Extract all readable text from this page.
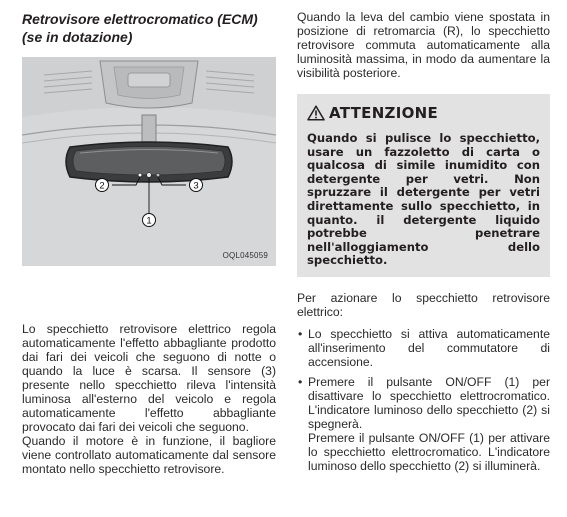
Retrovisore elettrocromatico (ECM)
(se in dotazione)
2
1
3
OQL045059

Lo specchietto retrovisore elettrico regola automaticamente l'effetto abbagliante prodotto dai fari dei veicoli che seguono di notte o quando la luce è scarsa. Il sensore (3) presente nello specchietto rileva l'intensità luminosa all'esterno del veicolo e regola automaticamente l'effetto abbagliante provocato dai fari dei veicoli che seguono.

Quando il motore è in funzione, il bagliore viene controllato automaticamente dal sensore montato nello specchietto retrovisore.

Quando la leva del cambio viene spostata in posizione di retromarcia (R), lo specchietto retrovisore commuta automaticamente alla luminosità massima, in modo da aumentare la visibilità posteriore.

ATTENZIONE

Quando si pulisce lo specchietto, usare un fazzoletto di carta o qualcosa di simile inumidito con detergente per vetri. Non spruzzare il detergente per vetri direttamente sullo specchietto, in quanto. il detergente liquido potrebbe penetrare nell'alloggiamento dello specchietto.

Per azionare lo specchietto retrovisore elettrico:

• Lo specchietto si attiva automaticamente all'inserimento del commutatore di accensione.

• Premere il pulsante ON/OFF (1) per disattivare lo specchietto elettrocromatico. L'indicatore luminoso dello specchietto (2) si spegnerà.

Premere il pulsante ON/OFF (1) per attivare lo specchietto elettrocromatico. L'indicatore luminoso dello specchietto (2) si illuminerà.
